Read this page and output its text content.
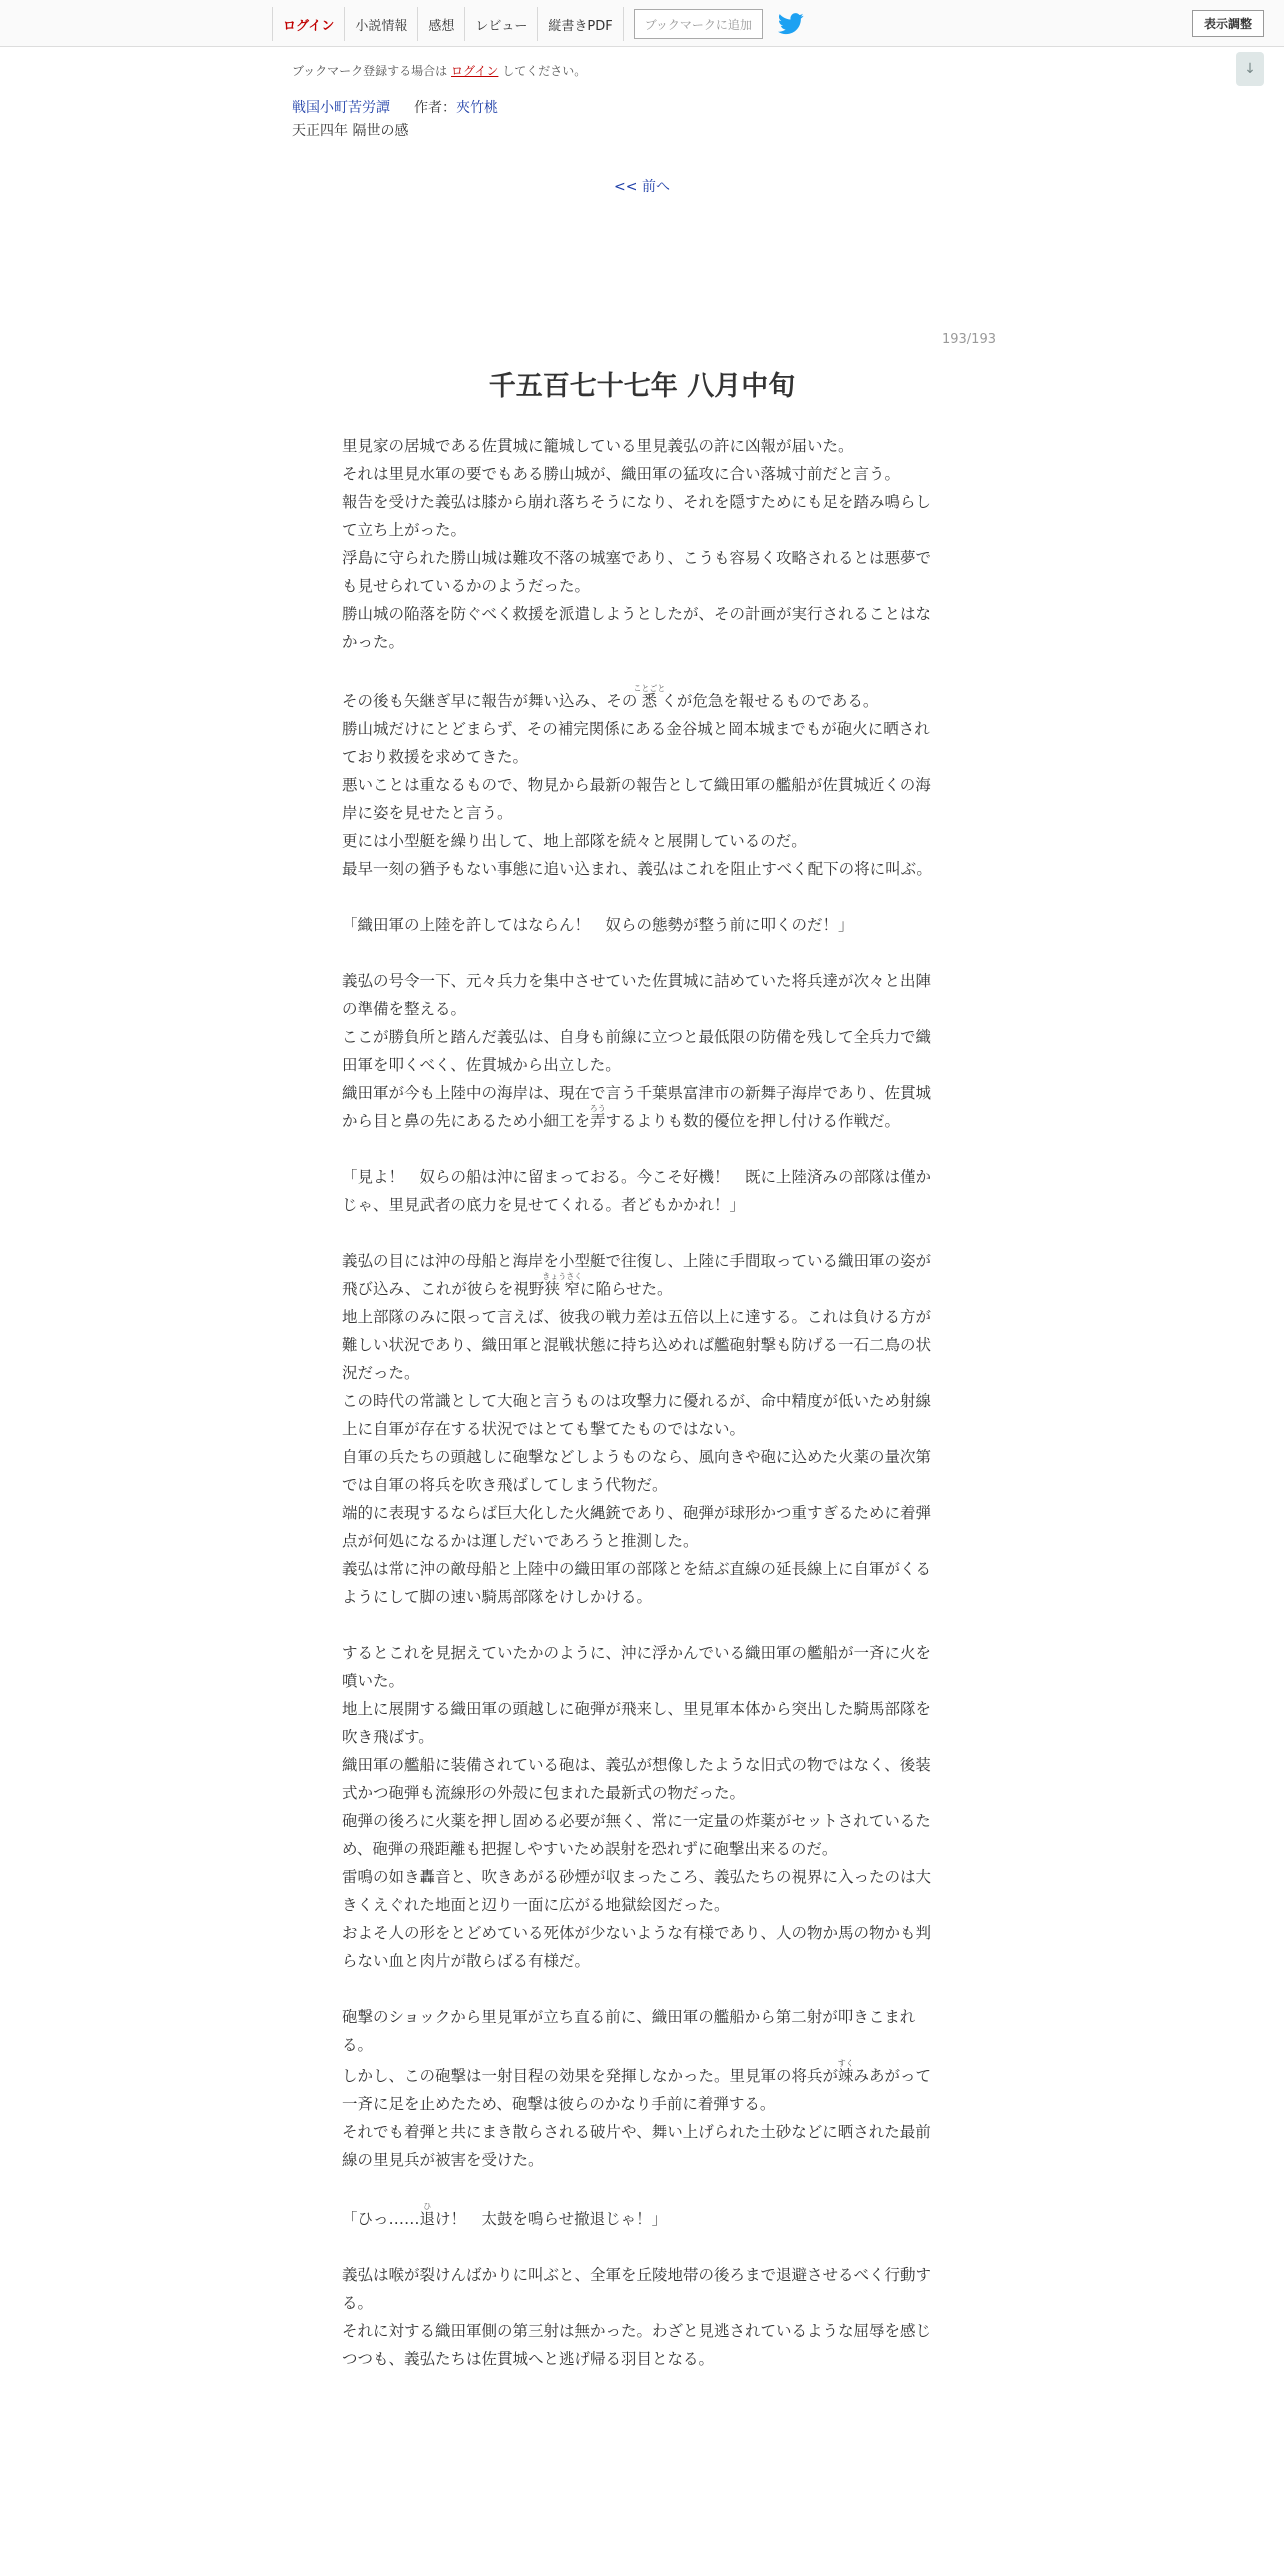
ログイン	小説情報	感想	レビュー	縦書きPDF	ブックマークに追加	表示調整
↓
ブックマーク登録する場合は ログイン してください。
戦国小町苦労譚 作者：夾竹桃
天正四年 隔世の感
<< 前へ
193/193
千五百七十七年 八月中旬

里見家の居城である佐貫城に籠城している里見義弘の許に凶報が届いた。

それは里見水軍の要でもある勝山城が、織田軍の猛攻に合い落城寸前だと言う。

報告を受けた義弘は膝から崩れ落ちそうになり、それを隠すためにも足を踏み鳴らして立ち上がった。

浮島に守られた勝山城は難攻不落の城塞であり、こうも容易く攻略されるとは悪夢でも見せられているかのようだった。

勝山城の陥落を防ぐべく救援を派遣しようとしたが、その計画が実行されることはなかった。

その後も矢継ぎ早に報告が舞い込み、その悉ことごとくが危急を報せるものである。

勝山城だけにとどまらず、その補完関係にある金谷城と岡本城までもが砲火に晒されており救援を求めてきた。

悪いことは重なるもので、物見から最新の報告として織田軍の艦船が佐貫城近くの海岸に姿を見せたと言う。

更には小型艇を繰り出して、地上部隊を続々と展開しているのだ。

最早一刻の猶予もない事態に追い込まれ、義弘はこれを阻止すべく配下の将に叫ぶ。

「織田軍の上陸を許してはならん！　奴らの態勢が整う前に叩くのだ！」

義弘の号令一下、元々兵力を集中させていた佐貫城に詰めていた将兵達が次々と出陣の準備を整える。

ここが勝負所と踏んだ義弘は、自身も前線に立つと最低限の防備を残して全兵力で織田軍を叩くべく、佐貫城から出立した。

織田軍が今も上陸中の海岸は、現在で言う千葉県富津市の新舞子海岸であり、佐貫城から目と鼻の先にあるため小細工を弄ろうするよりも数的優位を押し付ける作戦だ。

「見よ！　奴らの船は沖に留まっておる。今こそ好機！　既に上陸済みの部隊は僅かじゃ、里見武者の底力を見せてくれる。者どもかかれ！」

義弘の目には沖の母船と海岸を小型艇で往復し、上陸に手間取っている織田軍の姿が飛び込み、これが彼らを視野狭窄きょうさくに陥らせた。

地上部隊のみに限って言えば、彼我の戦力差は五倍以上に達する。これは負ける方が難しい状況であり、織田軍と混戦状態に持ち込めれば艦砲射撃も防げる一石二鳥の状況だった。

この時代の常識として大砲と言うものは攻撃力に優れるが、命中精度が低いため射線上に自軍が存在する状況ではとても撃てたものではない。

自軍の兵たちの頭越しに砲撃などしようものなら、風向きや砲に込めた火薬の量次第では自軍の将兵を吹き飛ばしてしまう代物だ。

端的に表現するならば巨大化した火縄銃であり、砲弾が球形かつ重すぎるために着弾点が何処になるかは運しだいであろうと推測した。

義弘は常に沖の敵母船と上陸中の織田軍の部隊とを結ぶ直線の延長線上に自軍がくるようにして脚の速い騎馬部隊をけしかける。

するとこれを見据えていたかのように、沖に浮かんでいる織田軍の艦船が一斉に火を噴いた。

地上に展開する織田軍の頭越しに砲弾が飛来し、里見軍本体から突出した騎馬部隊を吹き飛ばす。

織田軍の艦船に装備されている砲は、義弘が想像したような旧式の物ではなく、後装式かつ砲弾も流線形の外殻に包まれた最新式の物だった。

砲弾の後ろに火薬を押し固める必要が無く、常に一定量の炸薬がセットされているため、砲弾の飛距離も把握しやすいため誤射を恐れずに砲撃出来るのだ。

雷鳴の如き轟音と、吹きあがる砂煙が収まったころ、義弘たちの視界に入ったのは大きくえぐれた地面と辺り一面に広がる地獄絵図だった。

およそ人の形をとどめている死体が少ないような有様であり、人の物か馬の物かも判らない血と肉片が散らばる有様だ。

砲撃のショックから里見軍が立ち直る前に、織田軍の艦船から第二射が叩きこまれる。

しかし、この砲撃は一射目程の効果を発揮しなかった。里見軍の将兵が竦すくみあがって一斉に足を止めたため、砲撃は彼らのかなり手前に着弾する。

それでも着弾と共にまき散らされる破片や、舞い上げられた土砂などに晒された最前線の里見兵が被害を受けた。

「ひっ……退ひけ！　太鼓を鳴らせ撤退じゃ！」

義弘は喉が裂けんばかりに叫ぶと、全軍を丘陵地帯の後ろまで退避させるべく行動する。

それに対する織田軍側の第三射は無かった。わざと見逃されているような屈辱を感じつつも、義弘たちは佐貫城へと逃げ帰る羽目となる。
